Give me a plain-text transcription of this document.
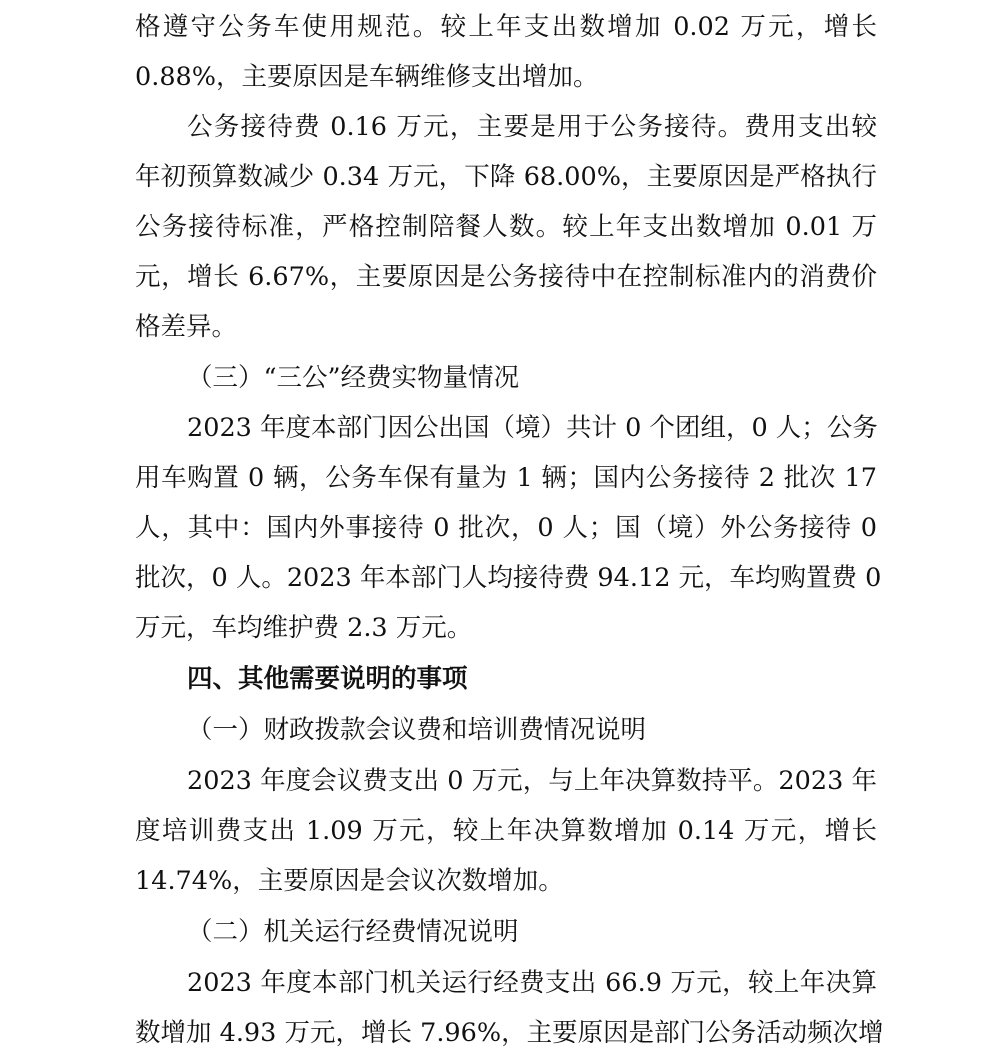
格遵守公务车使用规范。较上年支出数增加 0.02 万元，增长
0.88%，主要原因是车辆维修支出增加。
公务接待费 0.16 万元，主要是用于公务接待。费用支出较
年初预算数减少 0.34 万元，下降 68.00%，主要原因是严格执行
公务接待标准，严格控制陪餐人数。较上年支出数增加 0.01 万
元，增长 6.67%，主要原因是公务接待中在控制标准内的消费价
格差异。
（三）“三公”经费实物量情况
2023 年度本部门因公出国（境）共计 0 个团组，0 人；公务
用车购置 0 辆，公务车保有量为 1 辆；国内公务接待 2 批次 17
人，其中：国内外事接待 0 批次，0 人；国（境）外公务接待 0
批次，0 人。2023 年本部门人均接待费 94.12 元，车均购置费 0
万元，车均维护费 2.3 万元。
四、其他需要说明的事项
（一）财政拨款会议费和培训费情况说明
2023 年度会议费支出 0 万元，与上年决算数持平。2023 年
度培训费支出 1.09 万元，较上年决算数增加 0.14 万元，增长
14.74%，主要原因是会议次数增加。
（二）机关运行经费情况说明
2023 年度本部门机关运行经费支出 66.9 万元，较上年决算
数增加 4.93 万元，增长 7.96%，主要原因是部门公务活动频次增
